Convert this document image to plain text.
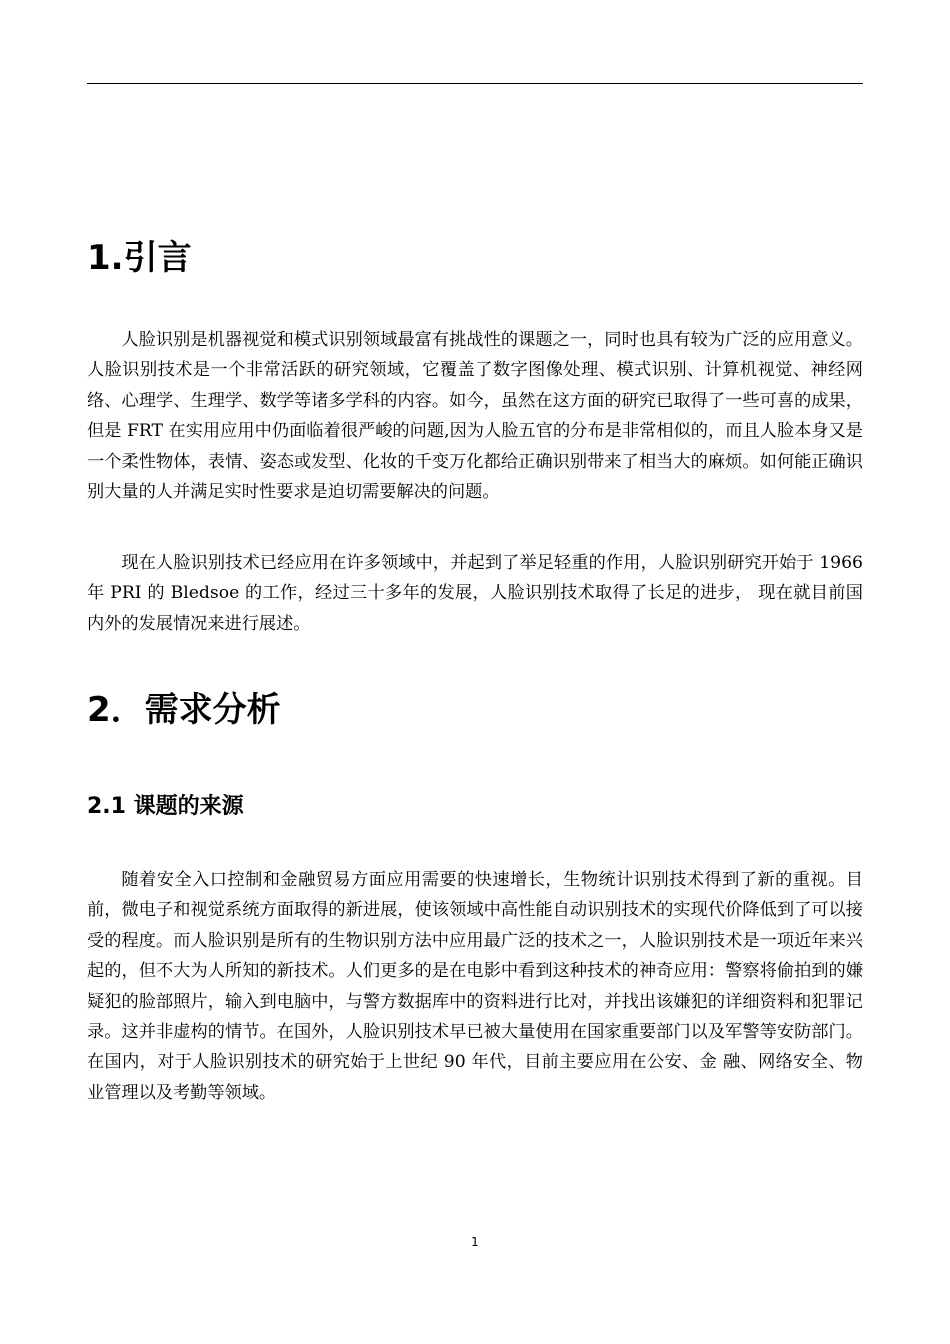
1.引言

人脸识别是机器视觉和模式识别领域最富有挑战性的课题之一，同时也具有较为广泛的应用意义。人脸识别技术是一个非常活跃的研究领域，它覆盖了数字图像处理、模式识别、计算机视觉、神经网络、心理学、生理学、数学等诸多学科的内容。如今，虽然在这方面的研究已取得了一些可喜的成果，但是 FRT 在实用应用中仍面临着很严峻的问题,因为人脸五官的分布是非常相似的，而且人脸本身又是一个柔性物体，表情、姿态或发型、化妆的千变万化都给正确识别带来了相当大的麻烦。如何能正确识别大量的人并满足实时性要求是迫切需要解决的问题。

现在人脸识别技术已经应用在许多领域中，并起到了举足轻重的作用，人脸识别研究开始于 1966 年 PRI 的 Bledsoe 的工作，经过三十多年的发展，人脸识别技术取得了长足的进步， 现在就目前国内外的发展情况来进行展述。

2．需求分析
2.1 课题的来源

随着安全入口控制和金融贸易方面应用需要的快速增长，生物统计识别技术得到了新的重视。目前，微电子和视觉系统方面取得的新进展，使该领域中高性能自动识别技术的实现代价降低到了可以接受的程度。而人脸识别是所有的生物识别方法中应用最广泛的技术之一，人脸识别技术是一项近年来兴起的，但不大为人所知的新技术。人们更多的是在电影中看到这种技术的神奇应用：警察将偷拍到的嫌疑犯的脸部照片，输入到电脑中，与警方数据库中的资料进行比对，并找出该嫌犯的详细资料和犯罪记录。这并非虚构的情节。在国外，人脸识别技术早已被大量使用在国家重要部门以及军警等安防部门。在国内，对于人脸识别技术的研究始于上世纪 90 年代，目前主要应用在公安、金 融、网络安全、物业管理以及考勤等领域。

1
